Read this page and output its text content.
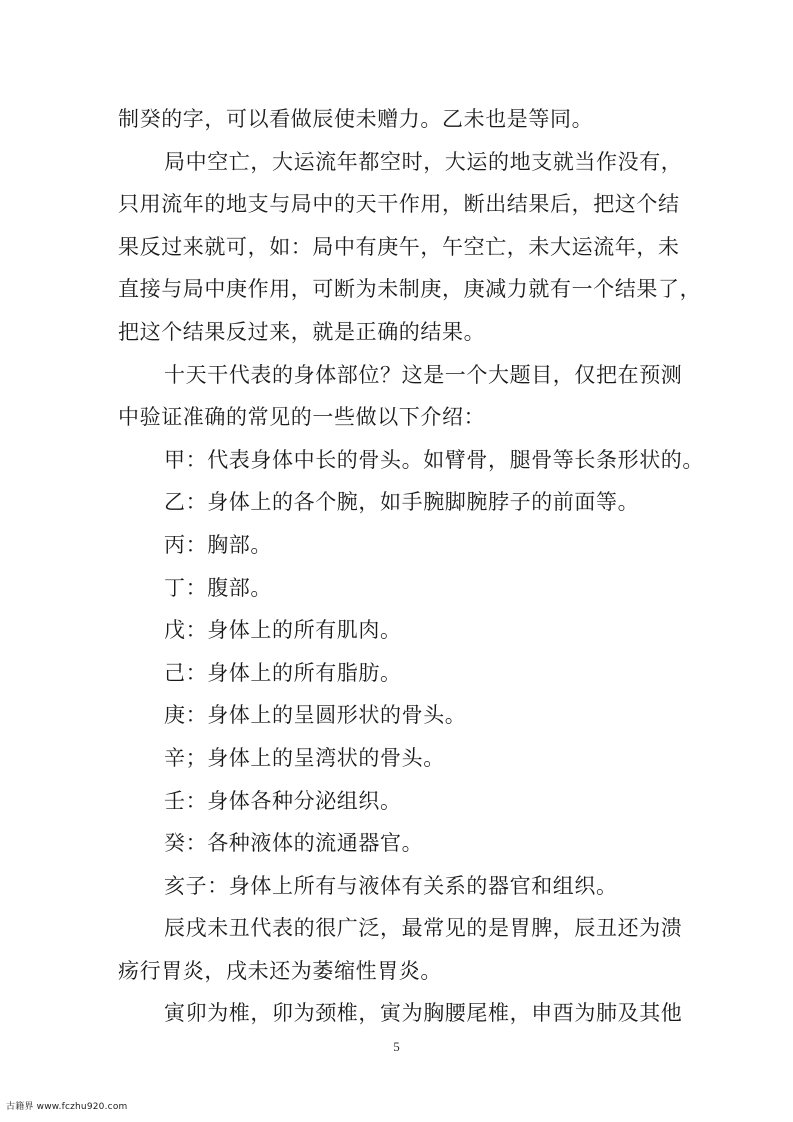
制癸的字，可以看做辰使未赠力。乙未也是等同。
局中空亡，大运流年都空时，大运的地支就当作没有，
只用流年的地支与局中的天干作用，断出结果后，把这个结
果反过来就可，如：局中有庚午，午空亡，未大运流年，未
直接与局中庚作用，可断为未制庚，庚减力就有一个结果了，
把这个结果反过来，就是正确的结果。
十天干代表的身体部位？这是一个大题目，仅把在预测
中验证准确的常见的一些做以下介绍：
甲：代表身体中长的骨头。如臂骨，腿骨等长条形状的。
乙：身体上的各个腕，如手腕脚腕脖子的前面等。
丙：胸部。
丁：腹部。
戊：身体上的所有肌肉。
己：身体上的所有脂肪。
庚：身体上的呈圆形状的骨头。
辛；身体上的呈湾状的骨头。
壬：身体各种分泌组织。
癸：各种液体的流通器官。
亥子：身体上所有与液体有关系的器官和组织。
辰戌未丑代表的很广泛，最常见的是胃脾，辰丑还为溃
疡行胃炎，戌未还为萎缩性胃炎。
寅卯为椎，卯为颈椎，寅为胸腰尾椎，申酉为肺及其他
5
古籍界 www.fczhu920.com
